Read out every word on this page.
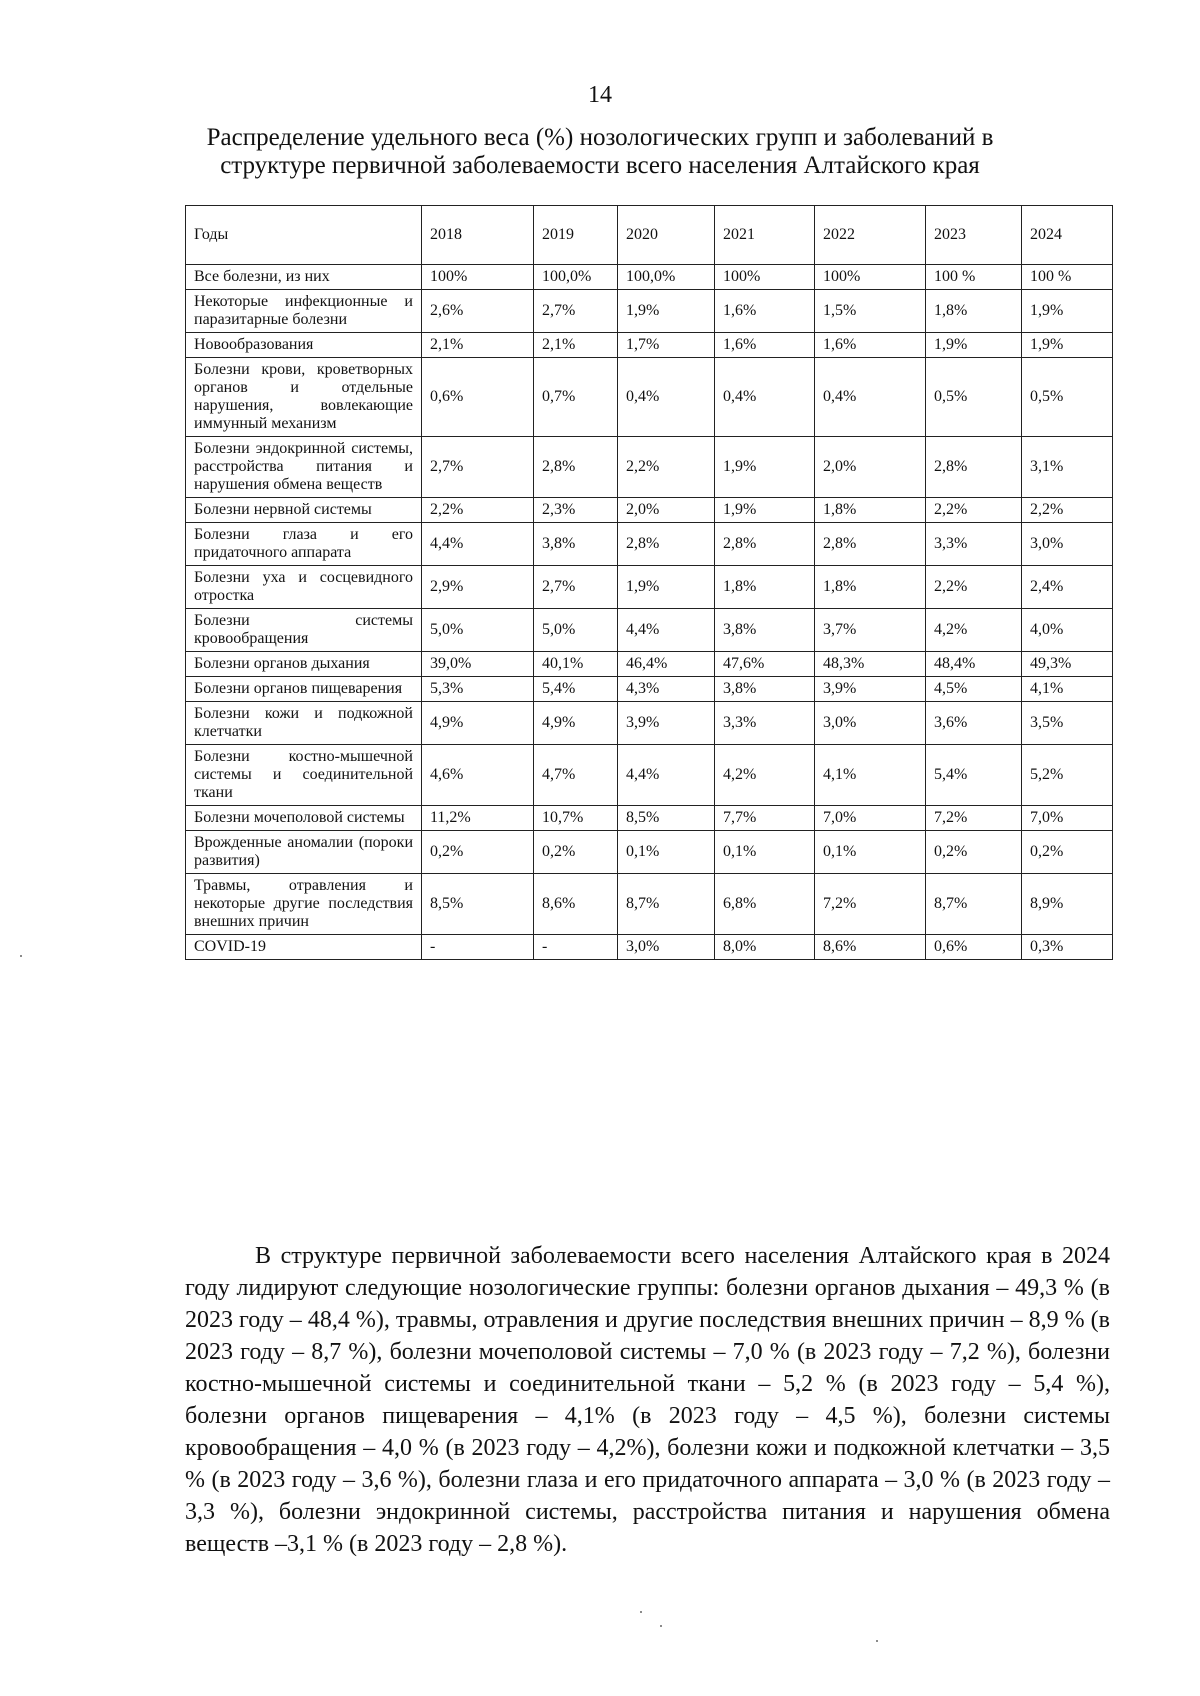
14
Распределение удельного веса (%) нозологических групп и заболеваний в
структуре первичной заболеваемости всего населения Алтайского края
Годы	2018	2019	2020	2021	2022	2023	2024
Все болезни, из них	100%	100,0%	100,0%	100%	100%	100 %	100 %
Некоторые инфекционные и паразитарные болезни	2,6%	2,7%	1,9%	1,6%	1,5%	1,8%	1,9%
Новообразования	2,1%	2,1%	1,7%	1,6%	1,6%	1,9%	1,9%
Болезни крови, кроветворных органов и отдельные нарушения, вовлекающие иммунный механизм	0,6%	0,7%	0,4%	0,4%	0,4%	0,5%	0,5%
Болезни эндокринной системы, расстройства питания и нарушения обмена веществ	2,7%	2,8%	2,2%	1,9%	2,0%	2,8%	3,1%
Болезни нервной системы	2,2%	2,3%	2,0%	1,9%	1,8%	2,2%	2,2%
Болезни глаза и его придаточного аппарата	4,4%	3,8%	2,8%	2,8%	2,8%	3,3%	3,0%
Болезни уха и сосцевидного отростка	2,9%	2,7%	1,9%	1,8%	1,8%	2,2%	2,4%
Болезни системы кровообращения	5,0%	5,0%	4,4%	3,8%	3,7%	4,2%	4,0%
Болезни органов дыхания	39,0%	40,1%	46,4%	47,6%	48,3%	48,4%	49,3%
Болезни органов пищеварения	5,3%	5,4%	4,3%	3,8%	3,9%	4,5%	4,1%
Болезни кожи и подкожной клетчатки	4,9%	4,9%	3,9%	3,3%	3,0%	3,6%	3,5%
Болезни костно-мышечной системы и соединительной ткани	4,6%	4,7%	4,4%	4,2%	4,1%	5,4%	5,2%
Болезни мочеполовой системы	11,2%	10,7%	8,5%	7,7%	7,0%	7,2%	7,0%
Врожденные аномалии (пороки развития)	0,2%	0,2%	0,1%	0,1%	0,1%	0,2%	0,2%
Травмы, отравления и некоторые другие последствия внешних причин	8,5%	8,6%	8,7%	6,8%	7,2%	8,7%	8,9%
COVID-19	-	-	3,0%	8,0%	8,6%	0,6%	0,3%

В структуре первичной заболеваемости всего населения Алтайского края в 2024 году лидируют следующие нозологические группы: болезни органов дыхания – 49,3 % (в 2023 году – 48,4 %), травмы, отравления и другие последствия внешних причин – 8,9 % (в 2023 году – 8,7 %), болезни мочеполовой системы – 7,0 % (в 2023 году – 7,2 %), болезни костно-мышечной системы и соединительной ткани – 5,2 % (в 2023 году – 5,4 %), болезни органов пищеварения – 4,1% (в 2023 году – 4,5 %), болезни системы кровообращения – 4,0 % (в 2023 году – 4,2%), болезни кожи и подкожной клетчатки – 3,5 % (в 2023 году – 3,6 %), болезни глаза и его придаточного аппарата – 3,0 % (в 2023 году – 3,3 %), болезни эндокринной системы, расстройства питания и нарушения обмена веществ –3,1 % (в 2023 году – 2,8 %).
